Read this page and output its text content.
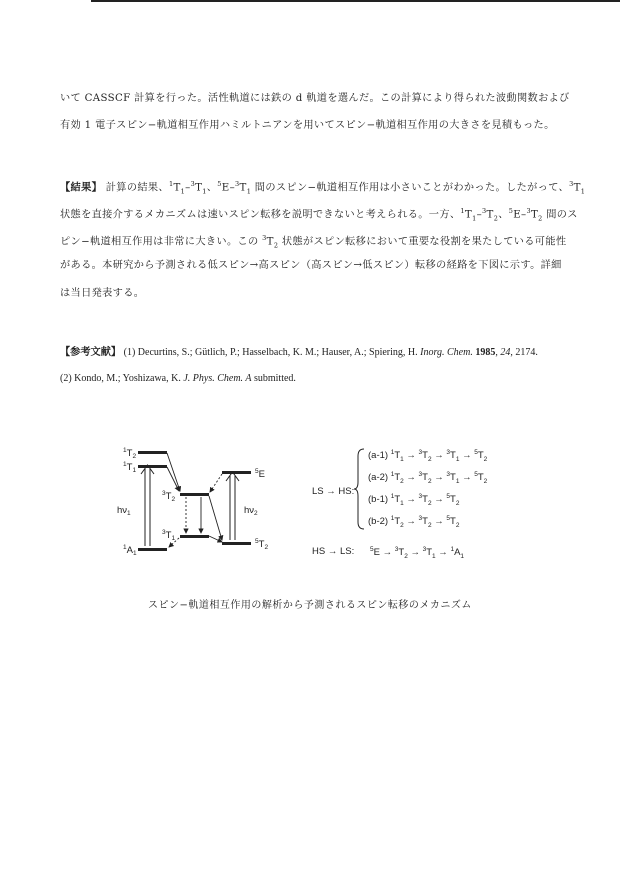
いて CASSCF 計算を行った。活性軌道には鉄の d 軌道を選んだ。この計算により得られた波動関数および
有効 1 電子スピン−軌道相互作用ハミルトニアンを用いてスピン−軌道相互作用の大きさを見積もった。
【結果】 計算の結果、$^1T_1-^3T_1$、$^5E-^3T_1$ 間のスピン−軌道相互作用は小さいことがわかった。したがって、$^3T_1$
状態を直接介するメカニズムは速いスピン転移を説明できないと考えられる。一方、$^1T_1-^3T_2$、$^5E-^3T_2$ 間のス
ピン−軌道相互作用は非常に大きい。この $^3T_2$ 状態がスピン転移において重要な役割を果たしている可能性
がある。本研究から予測される低スピン→高スピン（高スピン→低スピン）転移の経路を下図に示す。詳細
は当日発表する。
【参考文献】 (1) Decurtins, S.; Gütlich, P.; Hasselbach, K. M.; Hauser, A.; Spiering, H. Inorg. Chem. 1985, 24, 2174.
(2) Kondo, M.; Yoshizawa, K. J. Phys. Chem. A submitted.
$^1T_2$
$^1T_1$
$^3T_2$
$^5$E
$^3T_1$	$^5T_2$
$^1A_1$
$h\nu_1$	$h\nu_2$
LS → HS:
(a-1) $^1T_1 \to ^3T_2 \to ^3T_1 \to ^5T_2$
(a-2) $^1T_2 \to ^3T_2 \to ^3T_1 \to ^5T_2$
(b-1) $^1T_1 \to ^3T_2 \to ^5T_2$
(b-2) $^1T_2 \to ^3T_2 \to ^5T_2$
HS → LS: $^5E \to ^3T_2 \to ^3T_1 \to ^1A_1$
スピン−軌道相互作用の解析から予測されるスピン転移のメカニズム
